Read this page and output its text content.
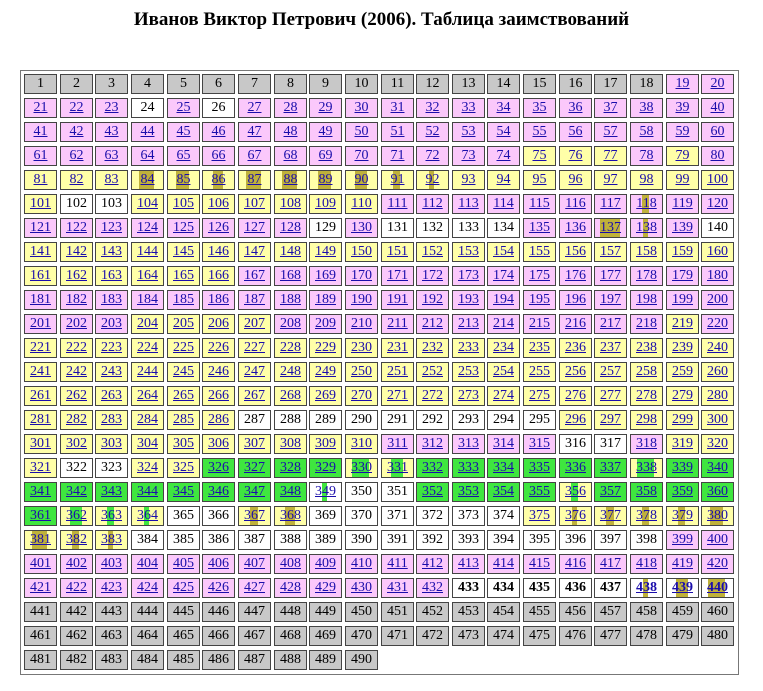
Иванов Виктор Петрович (2006). Таблица заимствований
1	2	3	4	5	6	7	8	9	10	11	12	13	14	15	16	17	18	19	20
21	22	23	24	25	26	27	28	29	30	31	32	33	34	35	36	37	38	39	40
41	42	43	44	45	46	47	48	49	50	51	52	53	54	55	56	57	58	59	60
61	62	63	64	65	66	67	68	69	70	71	72	73	74	75	76	77	78	79	80
81	82	83	84	85	86	87	88	89	90	91	92	93	94	95	96	97	98	99	100
101	102	103	104	105	106	107	108	109	110	111	112	113	114	115	116	117	118	119	120
121	122	123	124	125	126	127	128	129	130	131	132	133	134	135	136	137	138	139	140
141	142	143	144	145	146	147	148	149	150	151	152	153	154	155	156	157	158	159	160
161	162	163	164	165	166	167	168	169	170	171	172	173	174	175	176	177	178	179	180
181	182	183	184	185	186	187	188	189	190	191	192	193	194	195	196	197	198	199	200
201	202	203	204	205	206	207	208	209	210	211	212	213	214	215	216	217	218	219	220
221	222	223	224	225	226	227	228	229	230	231	232	233	234	235	236	237	238	239	240
241	242	243	244	245	246	247	248	249	250	251	252	253	254	255	256	257	258	259	260
261	262	263	264	265	266	267	268	269	270	271	272	273	274	275	276	277	278	279	280
281	282	283	284	285	286	287	288	289	290	291	292	293	294	295	296	297	298	299	300
301	302	303	304	305	306	307	308	309	310	311	312	313	314	315	316	317	318	319	320
321	322	323	324	325	326	327	328	329	330	331	332	333	334	335	336	337	338	339	340
341	342	343	344	345	346	347	348	349	350	351	352	353	354	355	356	357	358	359	360
361	362	363	364	365	366	367	368	369	370	371	372	373	374	375	376	377	378	379	380
381	382	383	384	385	386	387	388	389	390	391	392	393	394	395	396	397	398	399	400
401	402	403	404	405	406	407	408	409	410	411	412	413	414	415	416	417	418	419	420
421	422	423	424	425	426	427	428	429	430	431	432	433	434	435	436	437	438	439	440
441	442	443	444	445	446	447	448	449	450	451	452	453	454	455	456	457	458	459	460
461	462	463	464	465	466	467	468	469	470	471	472	473	474	475	476	477	478	479	480
481	482	483	484	485	486	487	488	489	490
